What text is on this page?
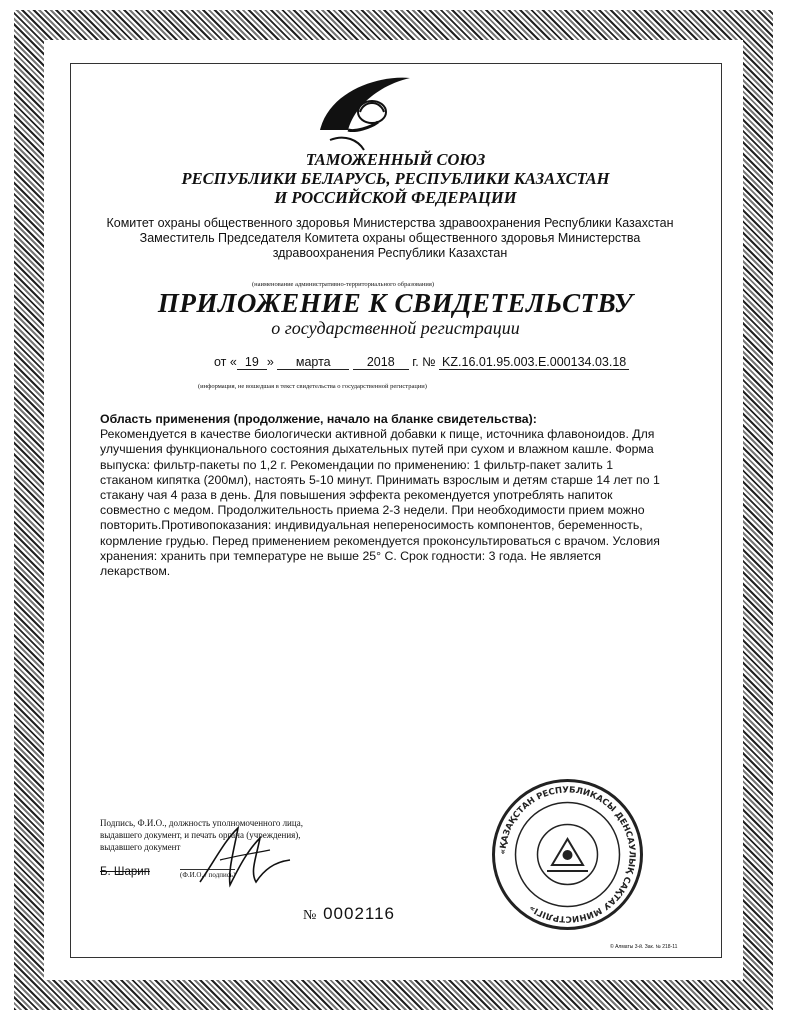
ТАМОЖЕННЫЙ СОЮЗ
РЕСПУБЛИКИ БЕЛАРУСЬ, РЕСПУБЛИКИ КАЗАХСТАН
И РОССИЙСКОЙ ФЕДЕРАЦИИ
Комитет охраны общественного здоровья Министерства здравоохранения Республики Казахстан
Заместитель Председателя Комитета охраны общественного здоровья Министерства
здравоохранения Республики Казахстан
(наименование административно-территориального образования)
ПРИЛОЖЕНИЕ К СВИДЕТЕЛЬСТВУ
о государственной регистрации
от « 19 » марта	2018 г. № KZ.16.01.95.003.E.000134.03.18
(информация, не вошедшая в текст свидетельства о государственной регистрации)
Область применения (продолжение, начало на бланке свидетельства):
Рекомендуется в качестве биологически активной добавки к пище, источника флавоноидов. Для улучшения функционального состояния дыхательных путей при сухом и влажном кашле. Форма выпуска: фильтр-пакеты по 1,2 г. Рекомендации по применению: 1 фильтр-пакет залить 1 стаканом кипятка (200мл), настоять 5-10 минут. Принимать взрослым и детям старше 14 лет по 1 стакану чая 4 раза в день. Для повышения эффекта рекомендуется употреблять напиток совместно с медом. Продолжительность приема 2-3 недели. При необходимости прием можно повторить.Противопоказания: индивидуальная непереносимость компонентов, беременность, кормление грудью. Перед применением рекомендуется проконсультироваться с врачом. Условия хранения: хранить при температуре не выше 25° С. Срок годности: 3 года. Не является лекарством.
Подпись, Ф.И.О., должность уполномоченного лица,
выдавшего документ, и печать органа (учреждения),
выдавшего документ
Б. Шарип	(Ф.И.О. / подпись)
№ 0002116
«ҚАЗАҚСТАН РЕСПУБЛИКАСЫ ДЕНСАУЛЫҚ САҚТАУ МИНИСТРЛІГІ»
© Алматы 3-й. Зак. № 218-11
